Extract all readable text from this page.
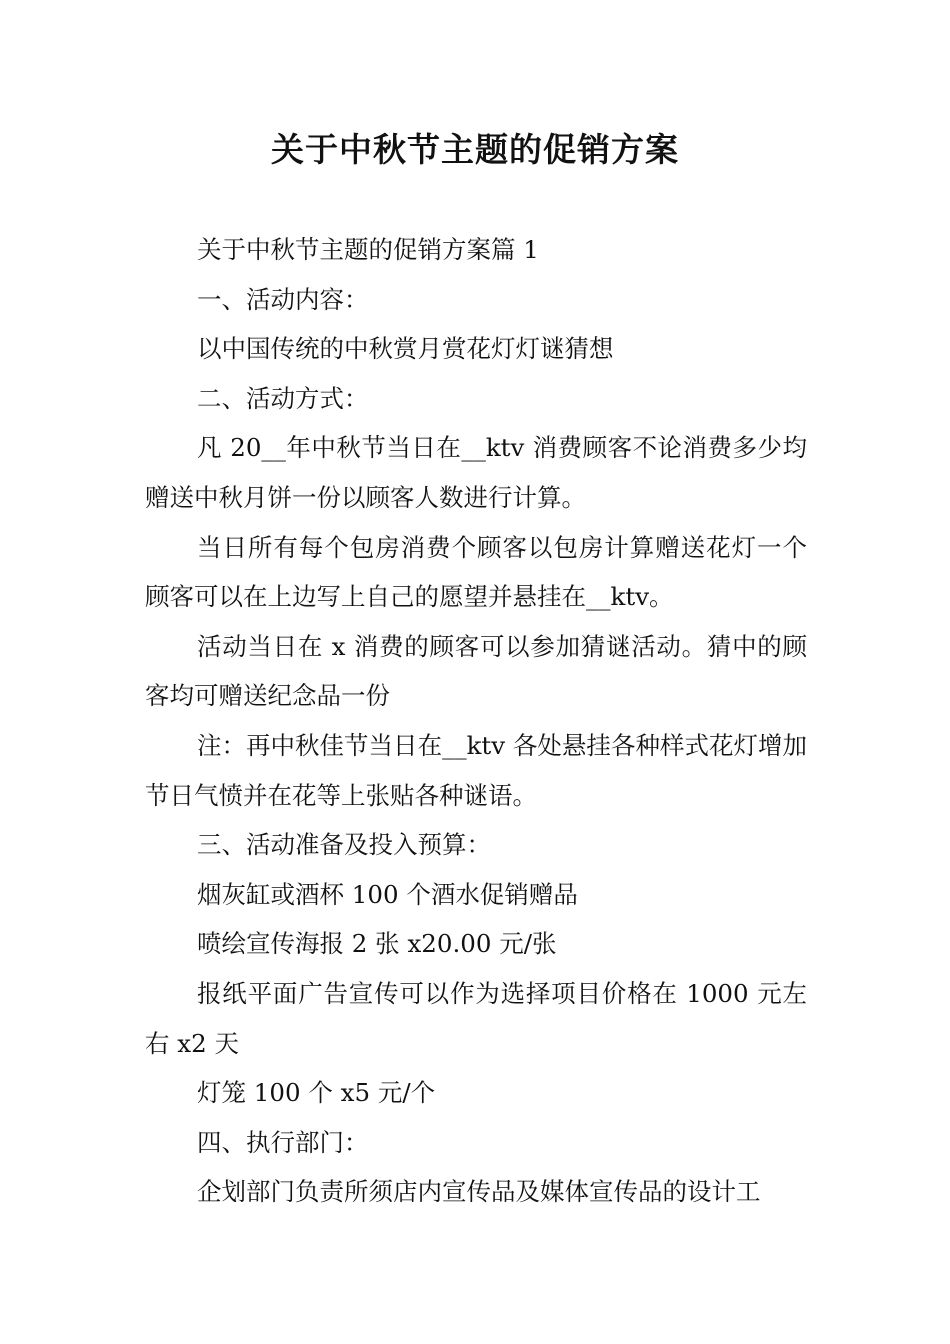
关于中秋节主题的促销方案

关于中秋节主题的促销方案篇 1

一、活动内容：

以中国传统的中秋赏月赏花灯灯谜猜想

二、活动方式：

凡 20__年中秋节当日在__ktv 消费顾客不论消费多少均赠送中秋月饼一份以顾客人数进行计算。

当日所有每个包房消费个顾客以包房计算赠送花灯一个顾客可以在上边写上自己的愿望并悬挂在__ktv。

活动当日在 x 消费的顾客可以参加猜谜活动。猜中的顾客均可赠送纪念品一份

注：再中秋佳节当日在__ktv 各处悬挂各种样式花灯增加节日气愤并在花等上张贴各种谜语。

三、活动准备及投入预算：

烟灰缸或酒杯 100 个酒水促销赠品

喷绘宣传海报 2 张 x20.00 元/张

报纸平面广告宣传可以作为选择项目价格在 1000 元左右 x2 天

灯笼 100 个 x5 元/个

四、执行部门：

企划部门负责所须店内宣传品及媒体宣传品的设计工
